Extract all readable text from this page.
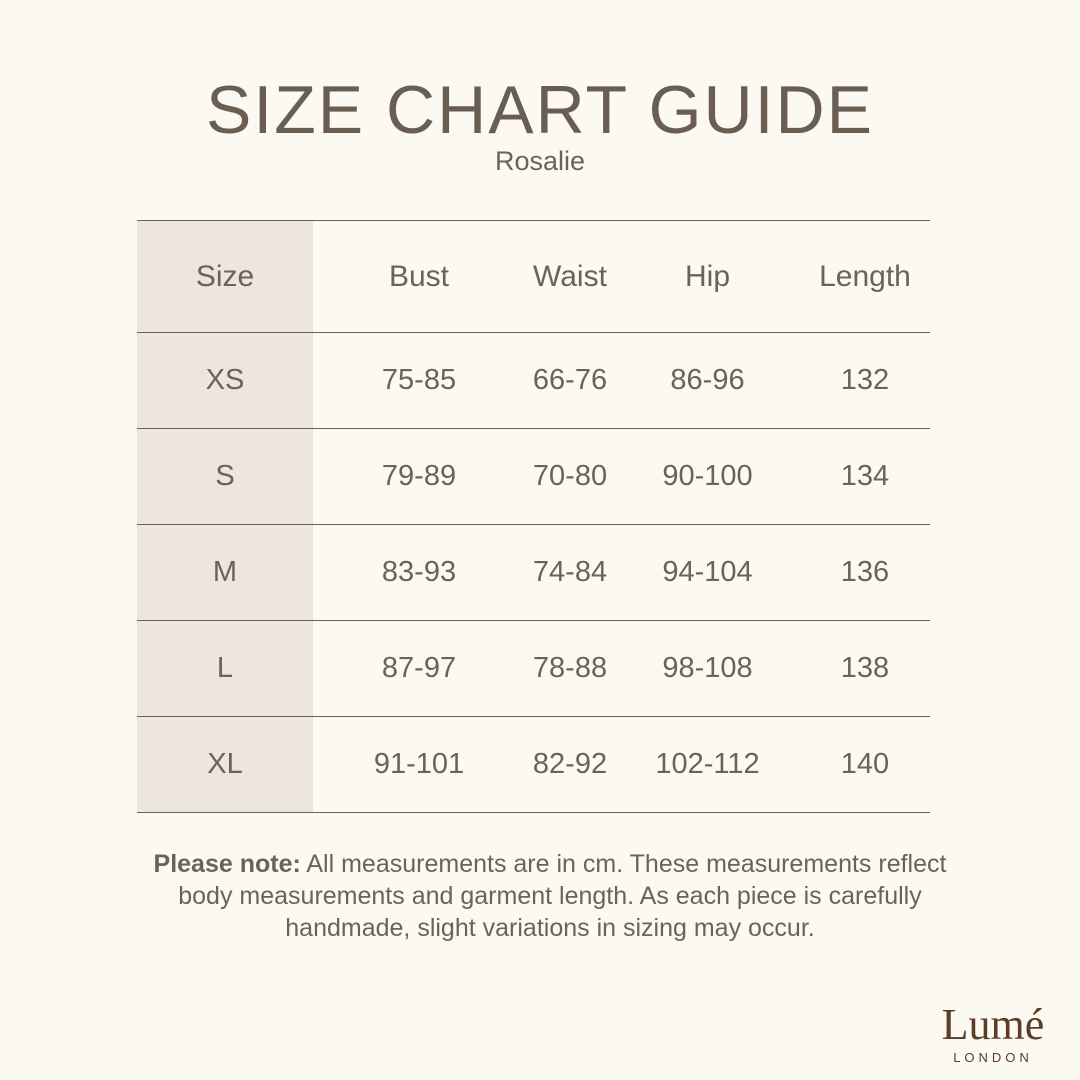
SIZE CHART GUIDE
Rosalie
Size	Bust	Waist	Hip	Length
XS	75-85	66-76	86-96	132
S	79-89	70-80	90-100	134
M	83-93	74-84	94-104	136
L	87-97	78-88	98-108	138
XL	91-101	82-92	102-112	140
Please note: All measurements are in cm. These measurements reflect body measurements and garment length. As each piece is carefully handmade, slight variations in sizing may occur.
Lumé
LONDON
